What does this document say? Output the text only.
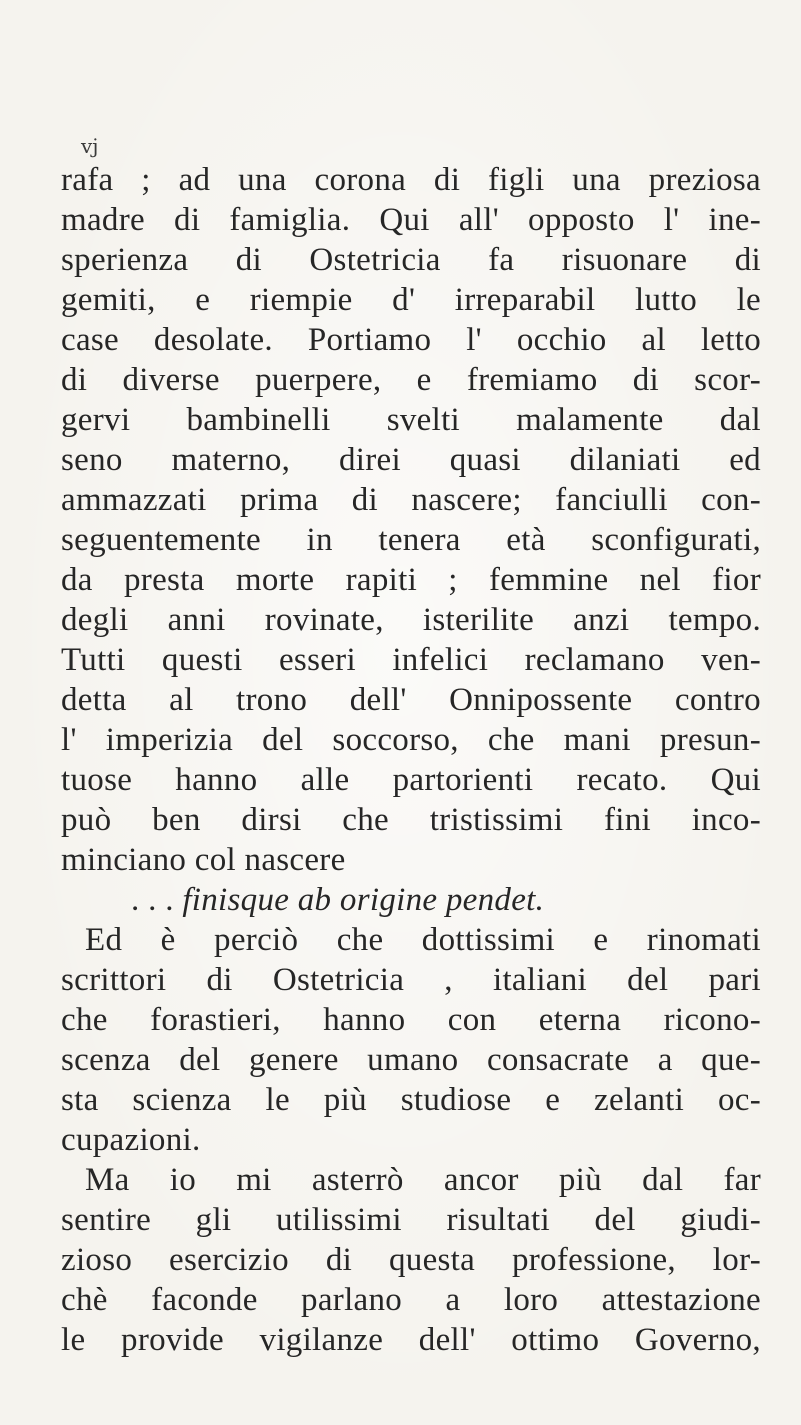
vj
rafa ; ad una corona di figli una preziosa
madre di famiglia. Qui all' opposto l' ine-
sperienza di Ostetricia fa risuonare di
gemiti, e riempie d' irreparabil lutto le
case desolate. Portiamo l' occhio al letto
di diverse puerpere, e fremiamo di scor-
gervi bambinelli svelti malamente dal
seno materno, direi quasi dilaniati ed
ammazzati prima di nascere; fanciulli con-
seguentemente in tenera età sconfigurati,
da presta morte rapiti ; femmine nel fior
degli anni rovinate, isterilite anzi tempo.
Tutti questi esseri infelici reclamano ven-
detta al trono dell' Onnipossente contro
l' imperizia del soccorso, che mani presun-
tuose hanno alle partorienti recato. Qui
può ben dirsi che tristissimi fini inco-
minciano col nascere
. . . finisque ab origine pendet.
Ed è perciò che dottissimi e rinomati
scrittori di Ostetricia , italiani del pari
che forastieri, hanno con eterna ricono-
scenza del genere umano consacrate a que-
sta scienza le più studiose e zelanti oc-
cupazioni.
Ma io mi asterrò ancor più dal far
sentire gli utilissimi risultati del giudi-
zioso esercizio di questa professione, lor-
chè faconde parlano a loro attestazione
le provide vigilanze dell' ottimo Governo,
